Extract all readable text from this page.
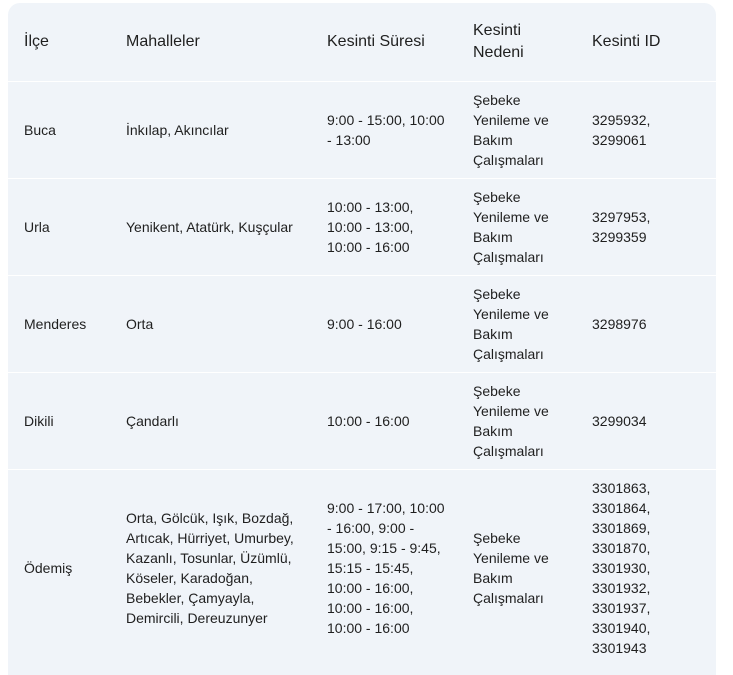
İlçe	Mahalleler	Kesinti Süresi	Kesinti Nedeni	Kesinti ID
Buca	İnkılap, Akıncılar	9:00 - 15:00, 10:00 - 13:00	Şebeke Yenileme ve Bakım Çalışmaları	3295932, 3299061
Urla	Yenikent, Atatürk, Kuşçular	10:00 - 13:00, 10:00 - 13:00, 10:00 - 16:00	Şebeke Yenileme ve Bakım Çalışmaları	3297953, 3299359
Menderes	Orta	9:00 - 16:00	Şebeke Yenileme ve Bakım Çalışmaları	3298976
Dikili	Çandarlı	10:00 - 16:00	Şebeke Yenileme ve Bakım Çalışmaları	3299034
Ödemiş	Orta, Gölcük, Işık, Bozdağ, Artıcak, Hürriyet, Umurbey, Kazanlı, Tosunlar, Üzümlü, Köseler, Karadoğan, Bebekler, Çamyayla, Demircili, Dereuzunyer	9:00 - 17:00, 10:00 - 16:00, 9:00 - 15:00, 9:15 - 9:45, 15:15 - 15:45, 10:00 - 16:00, 10:00 - 16:00, 10:00 - 16:00	Şebeke Yenileme ve Bakım Çalışmaları	3301863, 3301864, 3301869, 3301870, 3301930, 3301932, 3301937, 3301940, 3301943
